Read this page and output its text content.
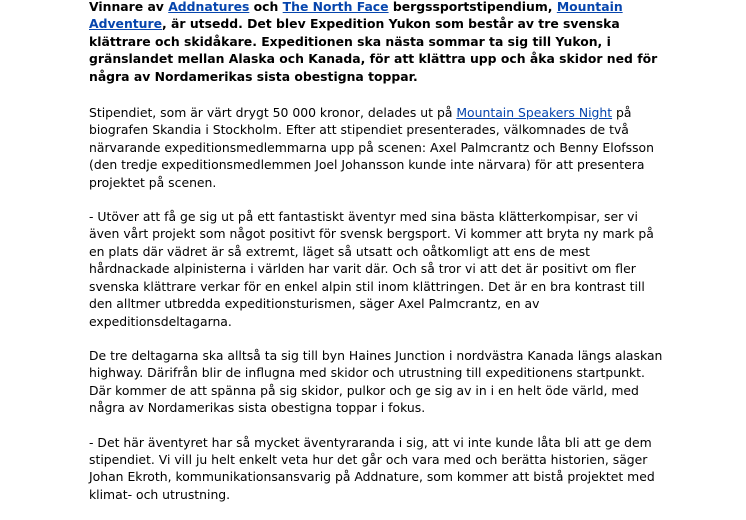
Vinnare av Addnatures och The North Face bergssportstipendium, Mountain Adventure, är utsedd. Det blev Expedition Yukon som består av tre svenska klättrare och skidåkare. Expeditionen ska nästa sommar ta sig till Yukon, i gränslandet mellan Alaska och Kanada, för att klättra upp och åka skidor ned för några av Nordamerikas sista obestigna toppar.

Stipendiet, som är värt drygt 50 000 kronor, delades ut på Mountain Speakers Night på biografen Skandia i Stockholm. Efter att stipendiet presenterades, välkomnades de två närvarande expeditionsmedlemmarna upp på scenen: Axel Palmcrantz och Benny Elofsson (den tredje expeditionsmedlemmen Joel Johansson kunde inte närvara) för att presentera projektet på scenen.

- Utöver att få ge sig ut på ett fantastiskt äventyr med sina bästa klätterkompisar, ser vi även vårt projekt som något positivt för svensk bergsport. Vi kommer att bryta ny mark på en plats där vädret är så extremt, läget så utsatt och oåtkomligt att ens de mest hårdnackade alpinisterna i världen har varit där. Och så tror vi att det är positivt om fler svenska klättrare verkar för en enkel alpin stil inom klättringen. Det är en bra kontrast till den alltmer utbredda expeditionsturismen, säger Axel Palmcrantz, en av expeditionsdeltagarna.

De tre deltagarna ska alltså ta sig till byn Haines Junction i nordvästra Kanada längs alaskan highway. Därifrån blir de influgna med skidor och utrustning till expeditionens startpunkt. Där kommer de att spänna på sig skidor, pulkor och ge sig av in i en helt öde värld, med några av Nordamerikas sista obestigna toppar i fokus.

- Det här äventyret har så mycket äventyraranda i sig, att vi inte kunde låta bli att ge dem stipendiet. Vi vill ju helt enkelt veta hur det går och vara med och berätta historien, säger Johan Ekroth, kommunikationsansvarig på Addnature, som kommer att bistå projektet med klimat- och utrustning.
